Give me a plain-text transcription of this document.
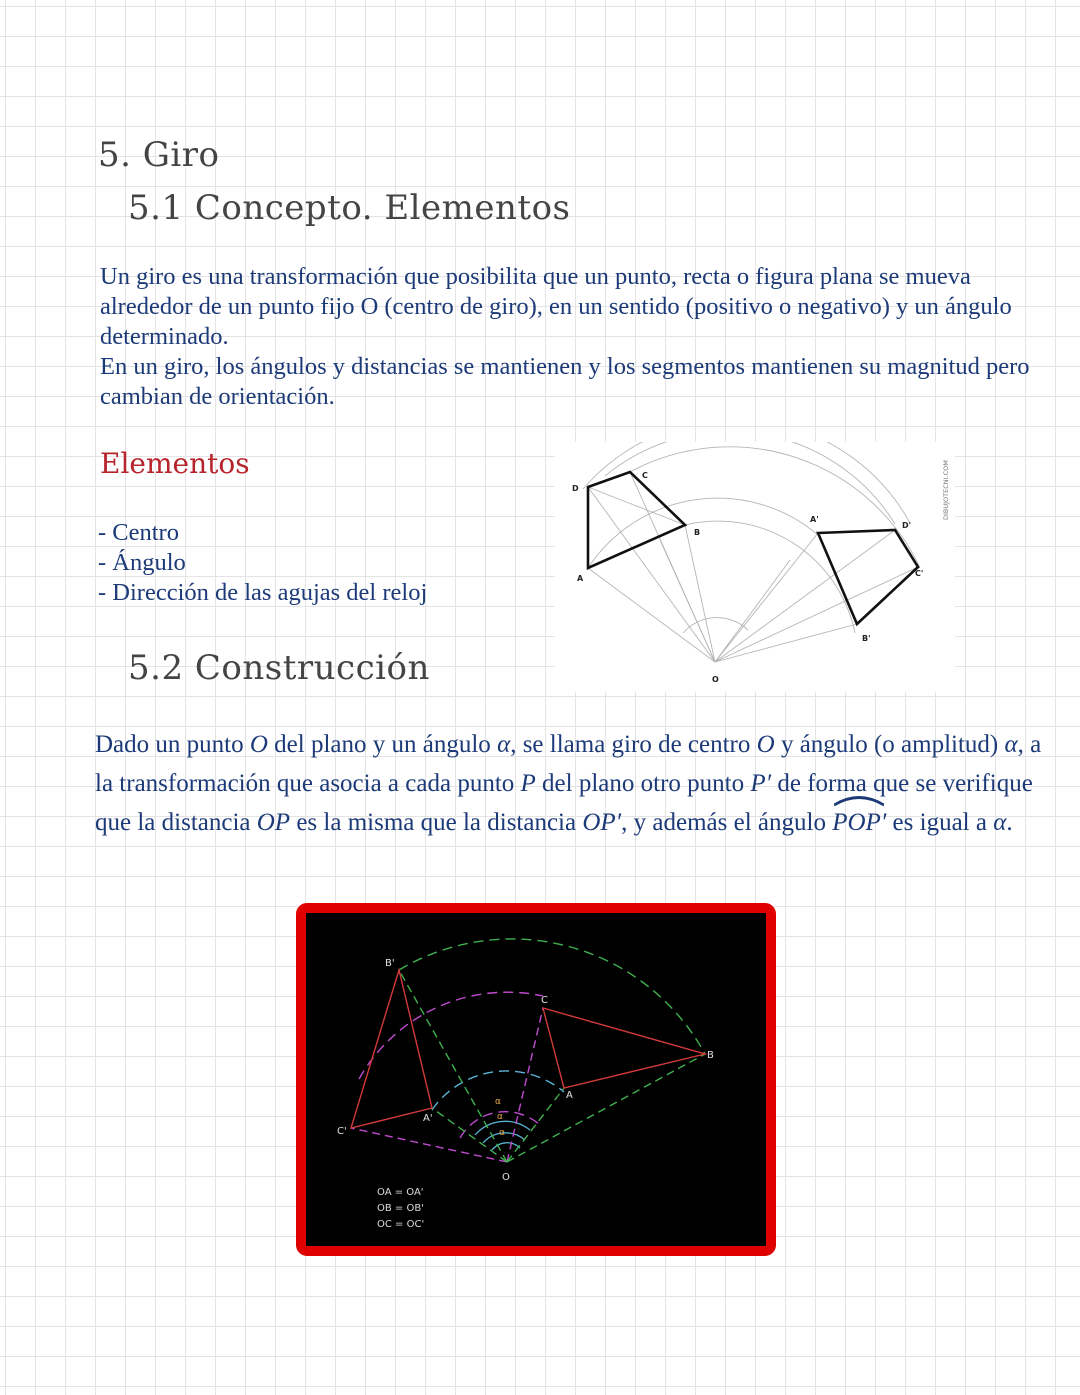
5. Giro
5.1 Concepto. Elementos

Un giro es una transformación que posibilita que un punto, recta o figura plana se mueva alrededor de un punto fijo O (centro de giro), en un sentido (positivo o negativo) y un ángulo determinado.

En un giro, los ángulos y distancias se mantienen y los segmentos mantienen su magnitud pero cambian de orientación.

Elementos
- Centro
- Ángulo
- Dirección de las agujas del reloj
D
C
B
A
A'
D'
C'
B'
O
DIBUJOTECNI.COM
5.2 Construcción

Dado un punto O del plano y un ángulo α, se llama giro de centro O y ángulo (o amplitud) α, a la transformación que asocia a cada punto P del plano otro punto P′ de forma que se verifique que la distancia OP es la misma que la distancia OP′, y además el ángulo
POP′ es igual a α.

B'
C
B
A
A'
C'
O
α
α
α
OA = OA'
OB = OB'
OC = OC'
